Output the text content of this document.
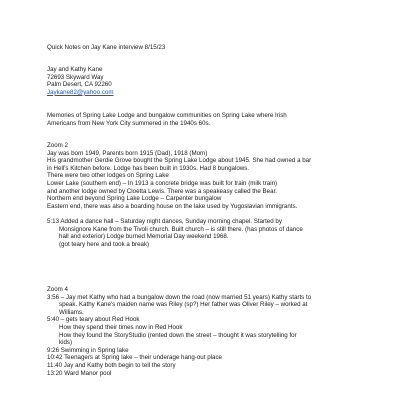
Quick Notes on Jay Kane interview 8/15/23
Jay and Kathy Kane
72693 Skyward Way
Palm Desert, CA 92260
Jaykane82@yahoo.com
Memories of Spring Lake Lodge and bungalow communities on Spring Lake where Irish
Americans from New York City summered in the 1940s 60s.
Zoom 2
Jay was born 1949, Parents born 1915 (Dad), 1918 (Mom)
His grandmother Gerdie Grove bought the Spring Lake Lodge about 1945. She had owned a bar
in Hell's Kitchen before. Lodge has been built in 1930s. Had 8 bungalows.
There were two other lodges on Spring Lake
Lower Lake (southern end) – In 1913 a concrete bridge was built for train (milk train)
and another lodge owned by Cloetta Lewis. There was a speakeasy called the Bear.
Northern end beyond Spring Lake Lodge – Carpenter bungalow
Eastern end, there was also a boarding house on the lake used by Yugoslavian immigrants.
5:13 Added a dance hall – Saturday night dances, Sunday morning chapel. Started by
Monsignore Kane from the Tivoli church. Built church – is still there. (has photos of dance
hall and exterior) Lodge burned Memorial Day weekend 1968.
(got teary here and took a break)
Zoom 4
3:56 – Jay met Kathy who had a bungalow down the road (now married 51 years) Kathy starts to
speak. Kathy Kane's maiden name was Riley (sp?) Her father was Oliver Riley – worked at
Williams.
5:40 – gets teary about Red Hook
How they spend their times now in Red Hook
How they found the StoryStudio (rented down the street – thought it was storytelling for
kids)
9:26 Swimming in Spring lake
10:42 Teenagers at Spring lake – their underage hang-out place
11:40 Jay and Kathy both begin to tell the story
13:20 Ward Manor pool
